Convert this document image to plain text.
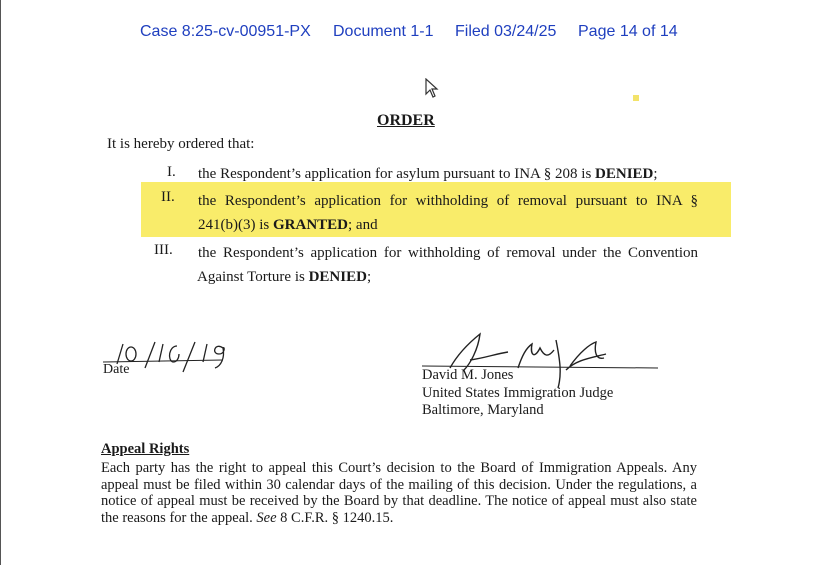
Case 8:25-cv-00951-PX Document 1-1 Filed 03/24/25 Page 14 of 14
ORDER
It is hereby ordered that:
I. the Respondent’s application for asylum pursuant to INA § 208 is DENIED;
II. the Respondent’s application for withholding of removal pursuant to INA §
241(b)(3) is GRANTED; and
III. the Respondent’s application for withholding of removal under the Convention
Against Torture is DENIED;
Date	David M. Jones
United States Immigration Judge
Baltimore, Maryland
Appeal Rights
Each party has the right to appeal this Court’s decision to the Board of Immigration Appeals. Any appeal must be filed within 30 calendar days of the mailing of this decision. Under the regulations, a notice of appeal must be received by the Board by that deadline. The notice of appeal must also state the reasons for the appeal. See 8 C.F.R. § 1240.15.
